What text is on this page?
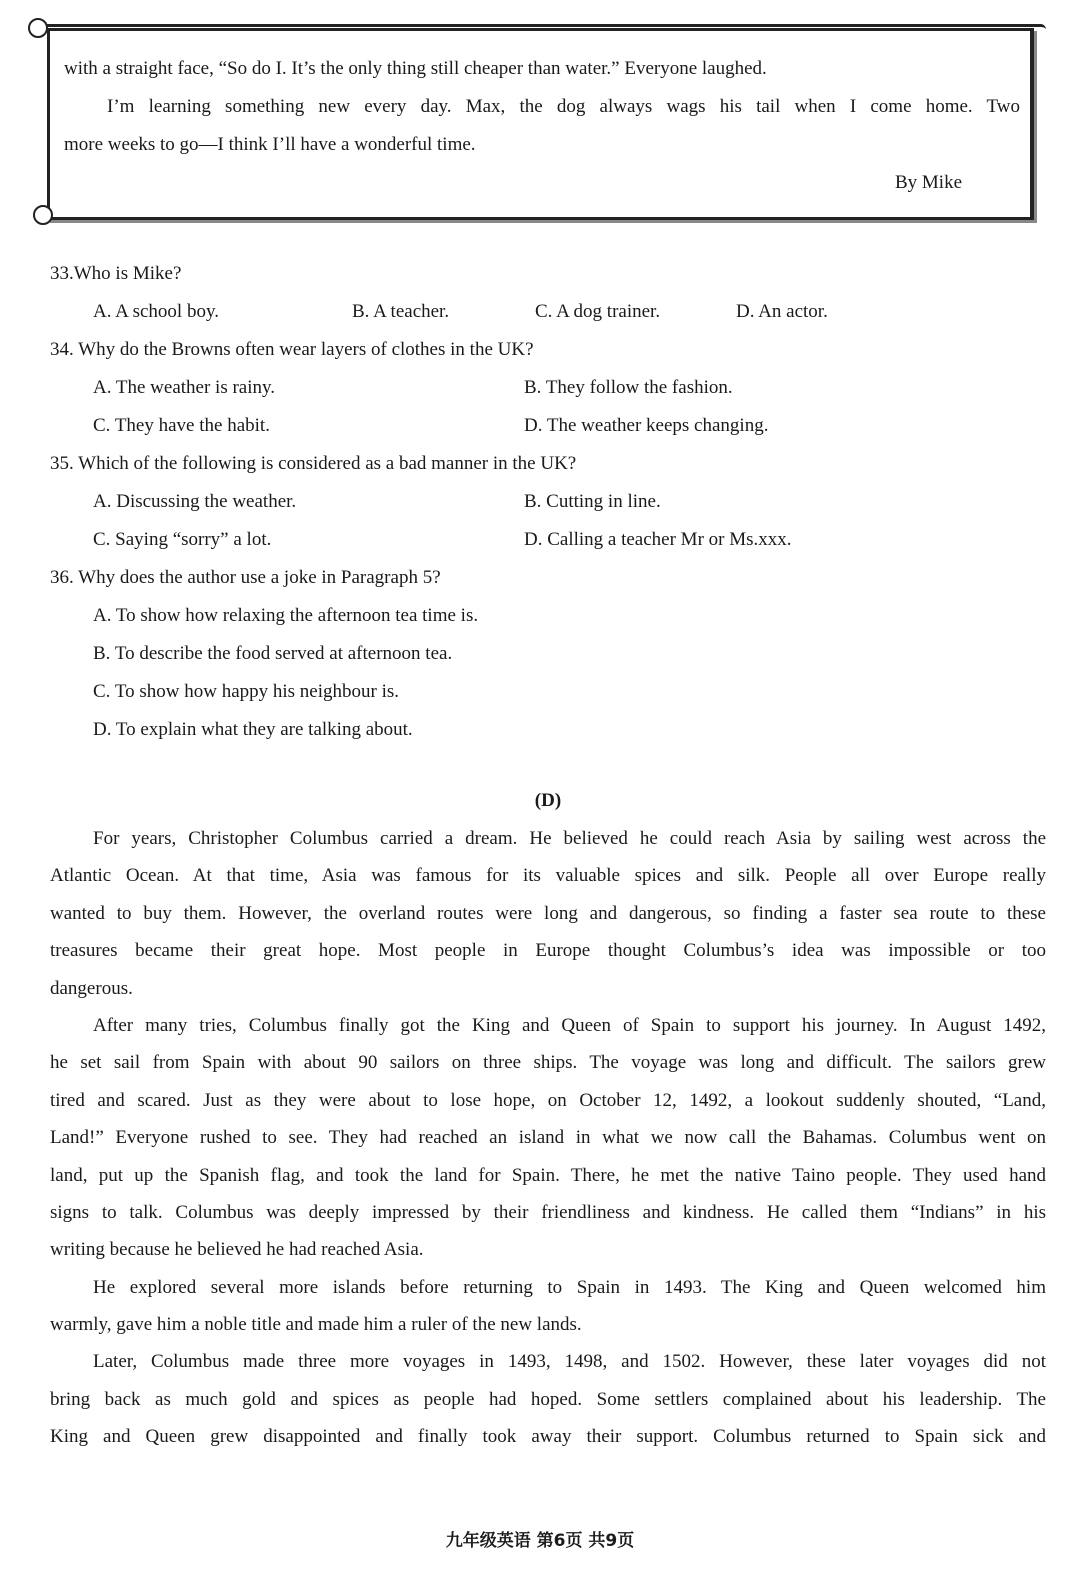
with a straight face, “So do I. It’s the only thing still cheaper than water.” Everyone laughed.
I’m learning something new every day. Max, the dog always wags his tail when I come home. Two
more weeks to go—I think I’ll have a wonderful time.
By Mike
33.Who is Mike?
A. A school boy.	B. A teacher.	C. A dog trainer.	D. An actor.
34. Why do the Browns often wear layers of clothes in the UK?
A. The weather is rainy.	B. They follow the fashion.
C. They have the habit.	D. The weather keeps changing.
35. Which of the following is considered as a bad manner in the UK?
A. Discussing the weather.	B. Cutting in line.
C. Saying “sorry” a lot.	D. Calling a teacher Mr or Ms.xxx.
36. Why does the author use a joke in Paragraph 5?
A. To show how relaxing the afternoon tea time is.
B. To describe the food served at afternoon tea.
C. To show how happy his neighbour is.
D. To explain what they are talking about.
(D)
For years, Christopher Columbus carried a dream. He believed he could reach Asia by sailing west across the
Atlantic Ocean. At that time, Asia was famous for its valuable spices and silk. People all over Europe really
wanted to buy them. However, the overland routes were long and dangerous, so finding a faster sea route to these
treasures became their great hope. Most people in Europe thought Columbus’s idea was impossible or too
dangerous.
After many tries, Columbus finally got the King and Queen of Spain to support his journey. In August 1492,
he set sail from Spain with about 90 sailors on three ships. The voyage was long and difficult. The sailors grew
tired and scared. Just as they were about to lose hope, on October 12, 1492, a lookout suddenly shouted, “Land,
Land!” Everyone rushed to see. They had reached an island in what we now call the Bahamas. Columbus went on
land, put up the Spanish flag, and took the land for Spain. There, he met the native Taino people. They used hand
signs to talk. Columbus was deeply impressed by their friendliness and kindness. He called them “Indians” in his
writing because he believed he had reached Asia.
He explored several more islands before returning to Spain in 1493. The King and Queen welcomed him
warmly, gave him a noble title and made him a ruler of the new lands.
Later, Columbus made three more voyages in 1493, 1498, and 1502. However, these later voyages did not
bring back as much gold and spices as people had hoped. Some settlers complained about his leadership. The
King and Queen grew disappointed and finally took away their support. Columbus returned to Spain sick and
九年级英语 第6页 共9页
